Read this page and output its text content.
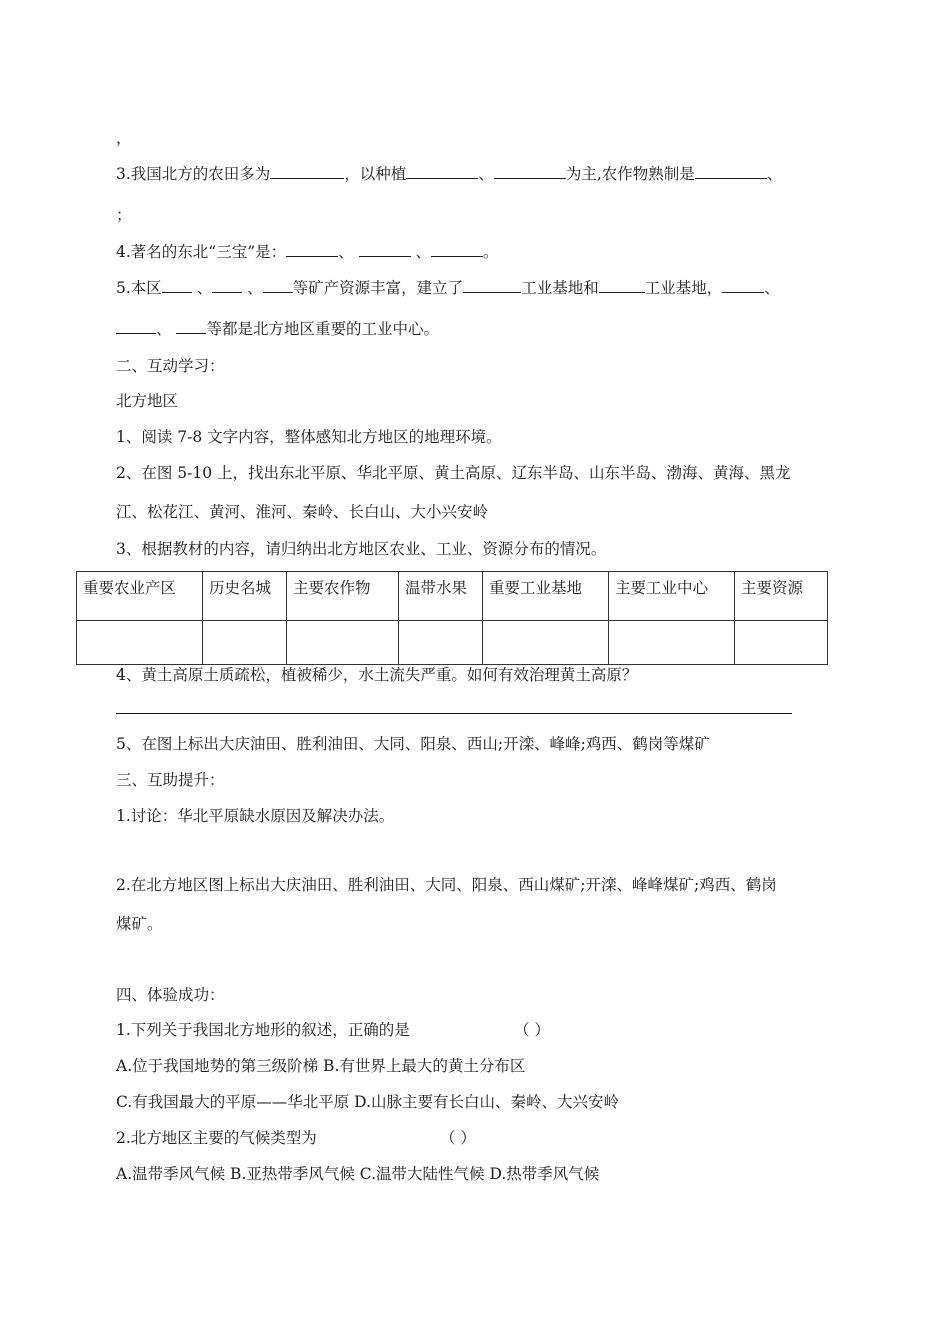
，
3.我国北方的农田多为	，以种植	、	为主,农作物熟制是	、
；
4.著名的东北“三宝”是：	、	、	。
5.本区 、 、 等矿产资源丰富，建立了	工业基地和	工业基地，	、
、 等都是北方地区重要的工业中心。
二、互动学习：
北方地区
1、阅读 7-8 文字内容，整体感知北方地区的地理环境。
2、在图 5-10 上，找出东北平原、华北平原、黄土高原、辽东半岛、山东半岛、渤海、黄海、黑龙
江、松花江、黄河、淮河、秦岭、长白山、大小兴安岭
3、根据教材的内容，请归纳出北方地区农业、工业、资源分布的情况。
重要农业产区	历史名城	主要农作物	温带水果	重要工业基地	主要工业中心	主要资源

4、黄土高原土质疏松，植被稀少，水土流失严重。如何有效治理黄土高原？
5、在图上标出大庆油田、胜利油田、大同、阳泉、西山;开滦、峰峰;鸡西、鹤岗等煤矿
三、互助提升：
1.讨论：华北平原缺水原因及解决办法。
2.在北方地区图上标出大庆油田、胜利油田、大同、阳泉、西山煤矿;开滦、峰峰煤矿;鸡西、鹤岗
煤矿。
四、体验成功：
1.下列关于我国北方地形的叙述，正确的是	（ ）
A.位于我国地势的第三级阶梯 B.有世界上最大的黄土分布区
C.有我国最大的平原——华北平原 D.山脉主要有长白山、秦岭、大兴安岭
2.北方地区主要的气候类型为	（ ）
A.温带季风气候 B.亚热带季风气候 C.温带大陆性气候 D.热带季风气候
